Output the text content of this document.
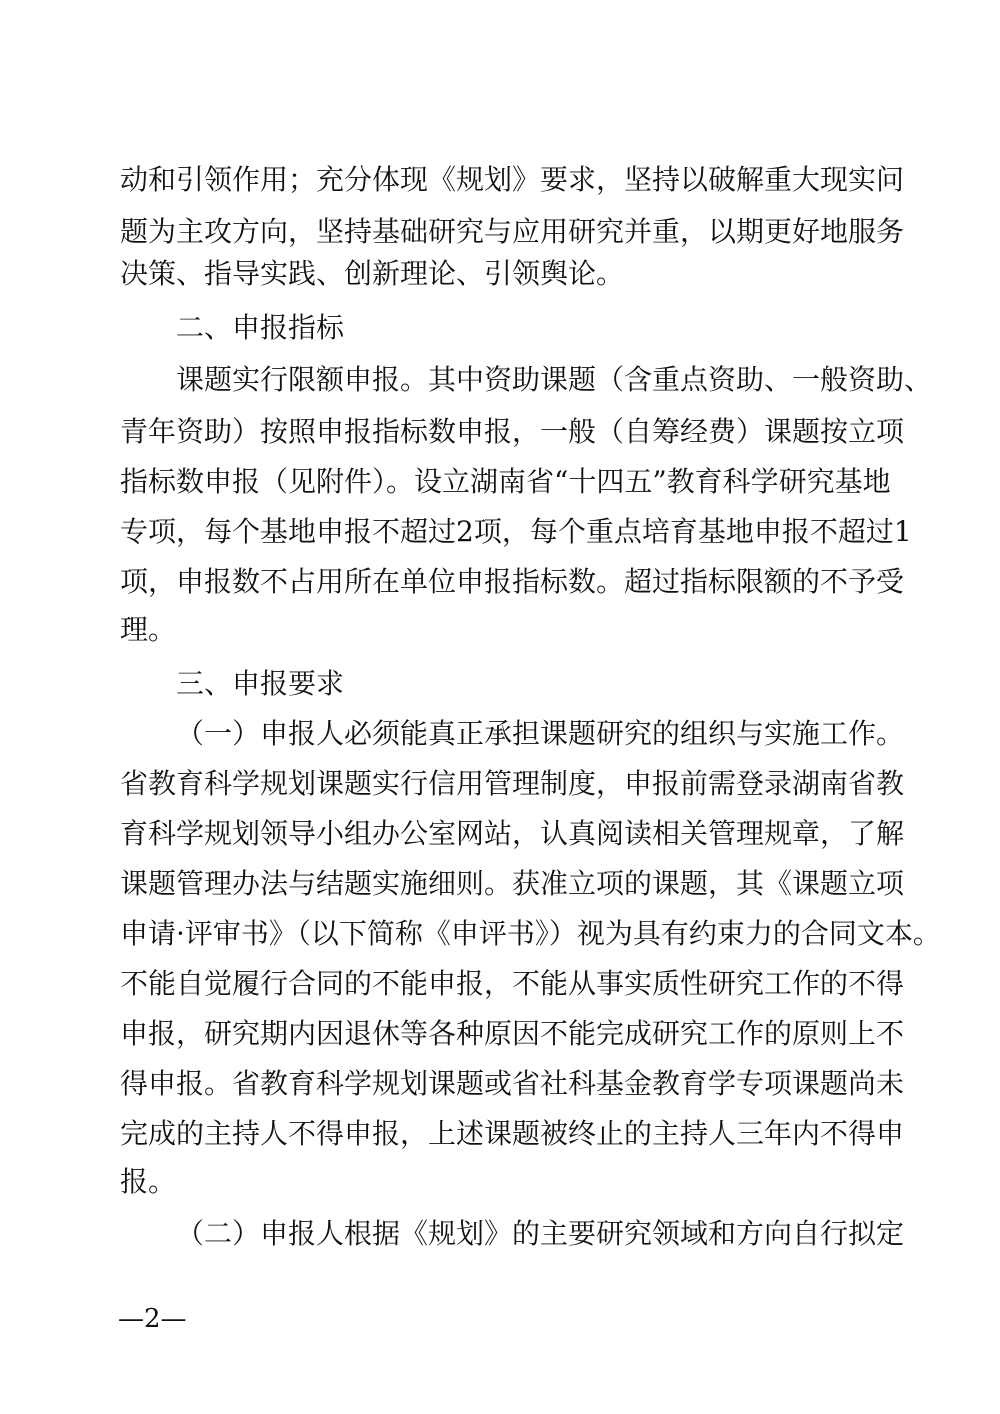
动和引领作用；充分体现《规划》要求，坚持以破解重大现实问
题为主攻方向，坚持基础研究与应用研究并重，以期更好地服务
决策、指导实践、创新理论、引领舆论。
二、申报指标
课题实行限额申报。其中资助课题（含重点资助、一般资助、
青年资助）按照申报指标数申报，一般（自筹经费）课题按立项
指标数申报（见附件）。设立湖南省“十四五”教育科学研究基地
专项，每个基地申报不超过2项，每个重点培育基地申报不超过1
项，申报数不占用所在单位申报指标数。超过指标限额的不予受
理。
三、申报要求
（一）申报人必须能真正承担课题研究的组织与实施工作。
省教育科学规划课题实行信用管理制度，申报前需登录湖南省教
育科学规划领导小组办公室网站，认真阅读相关管理规章，了解
课题管理办法与结题实施细则。获准立项的课题，其《课题立项
申请·评审书》（以下简称《申评书》）视为具有约束力的合同文本。
不能自觉履行合同的不能申报，不能从事实质性研究工作的不得
申报，研究期内因退休等各种原因不能完成研究工作的原则上不
得申报。省教育科学规划课题或省社科基金教育学专项课题尚未
完成的主持人不得申报，上述课题被终止的主持人三年内不得申
报。
（二）申报人根据《规划》的主要研究领域和方向自行拟定
—2—
